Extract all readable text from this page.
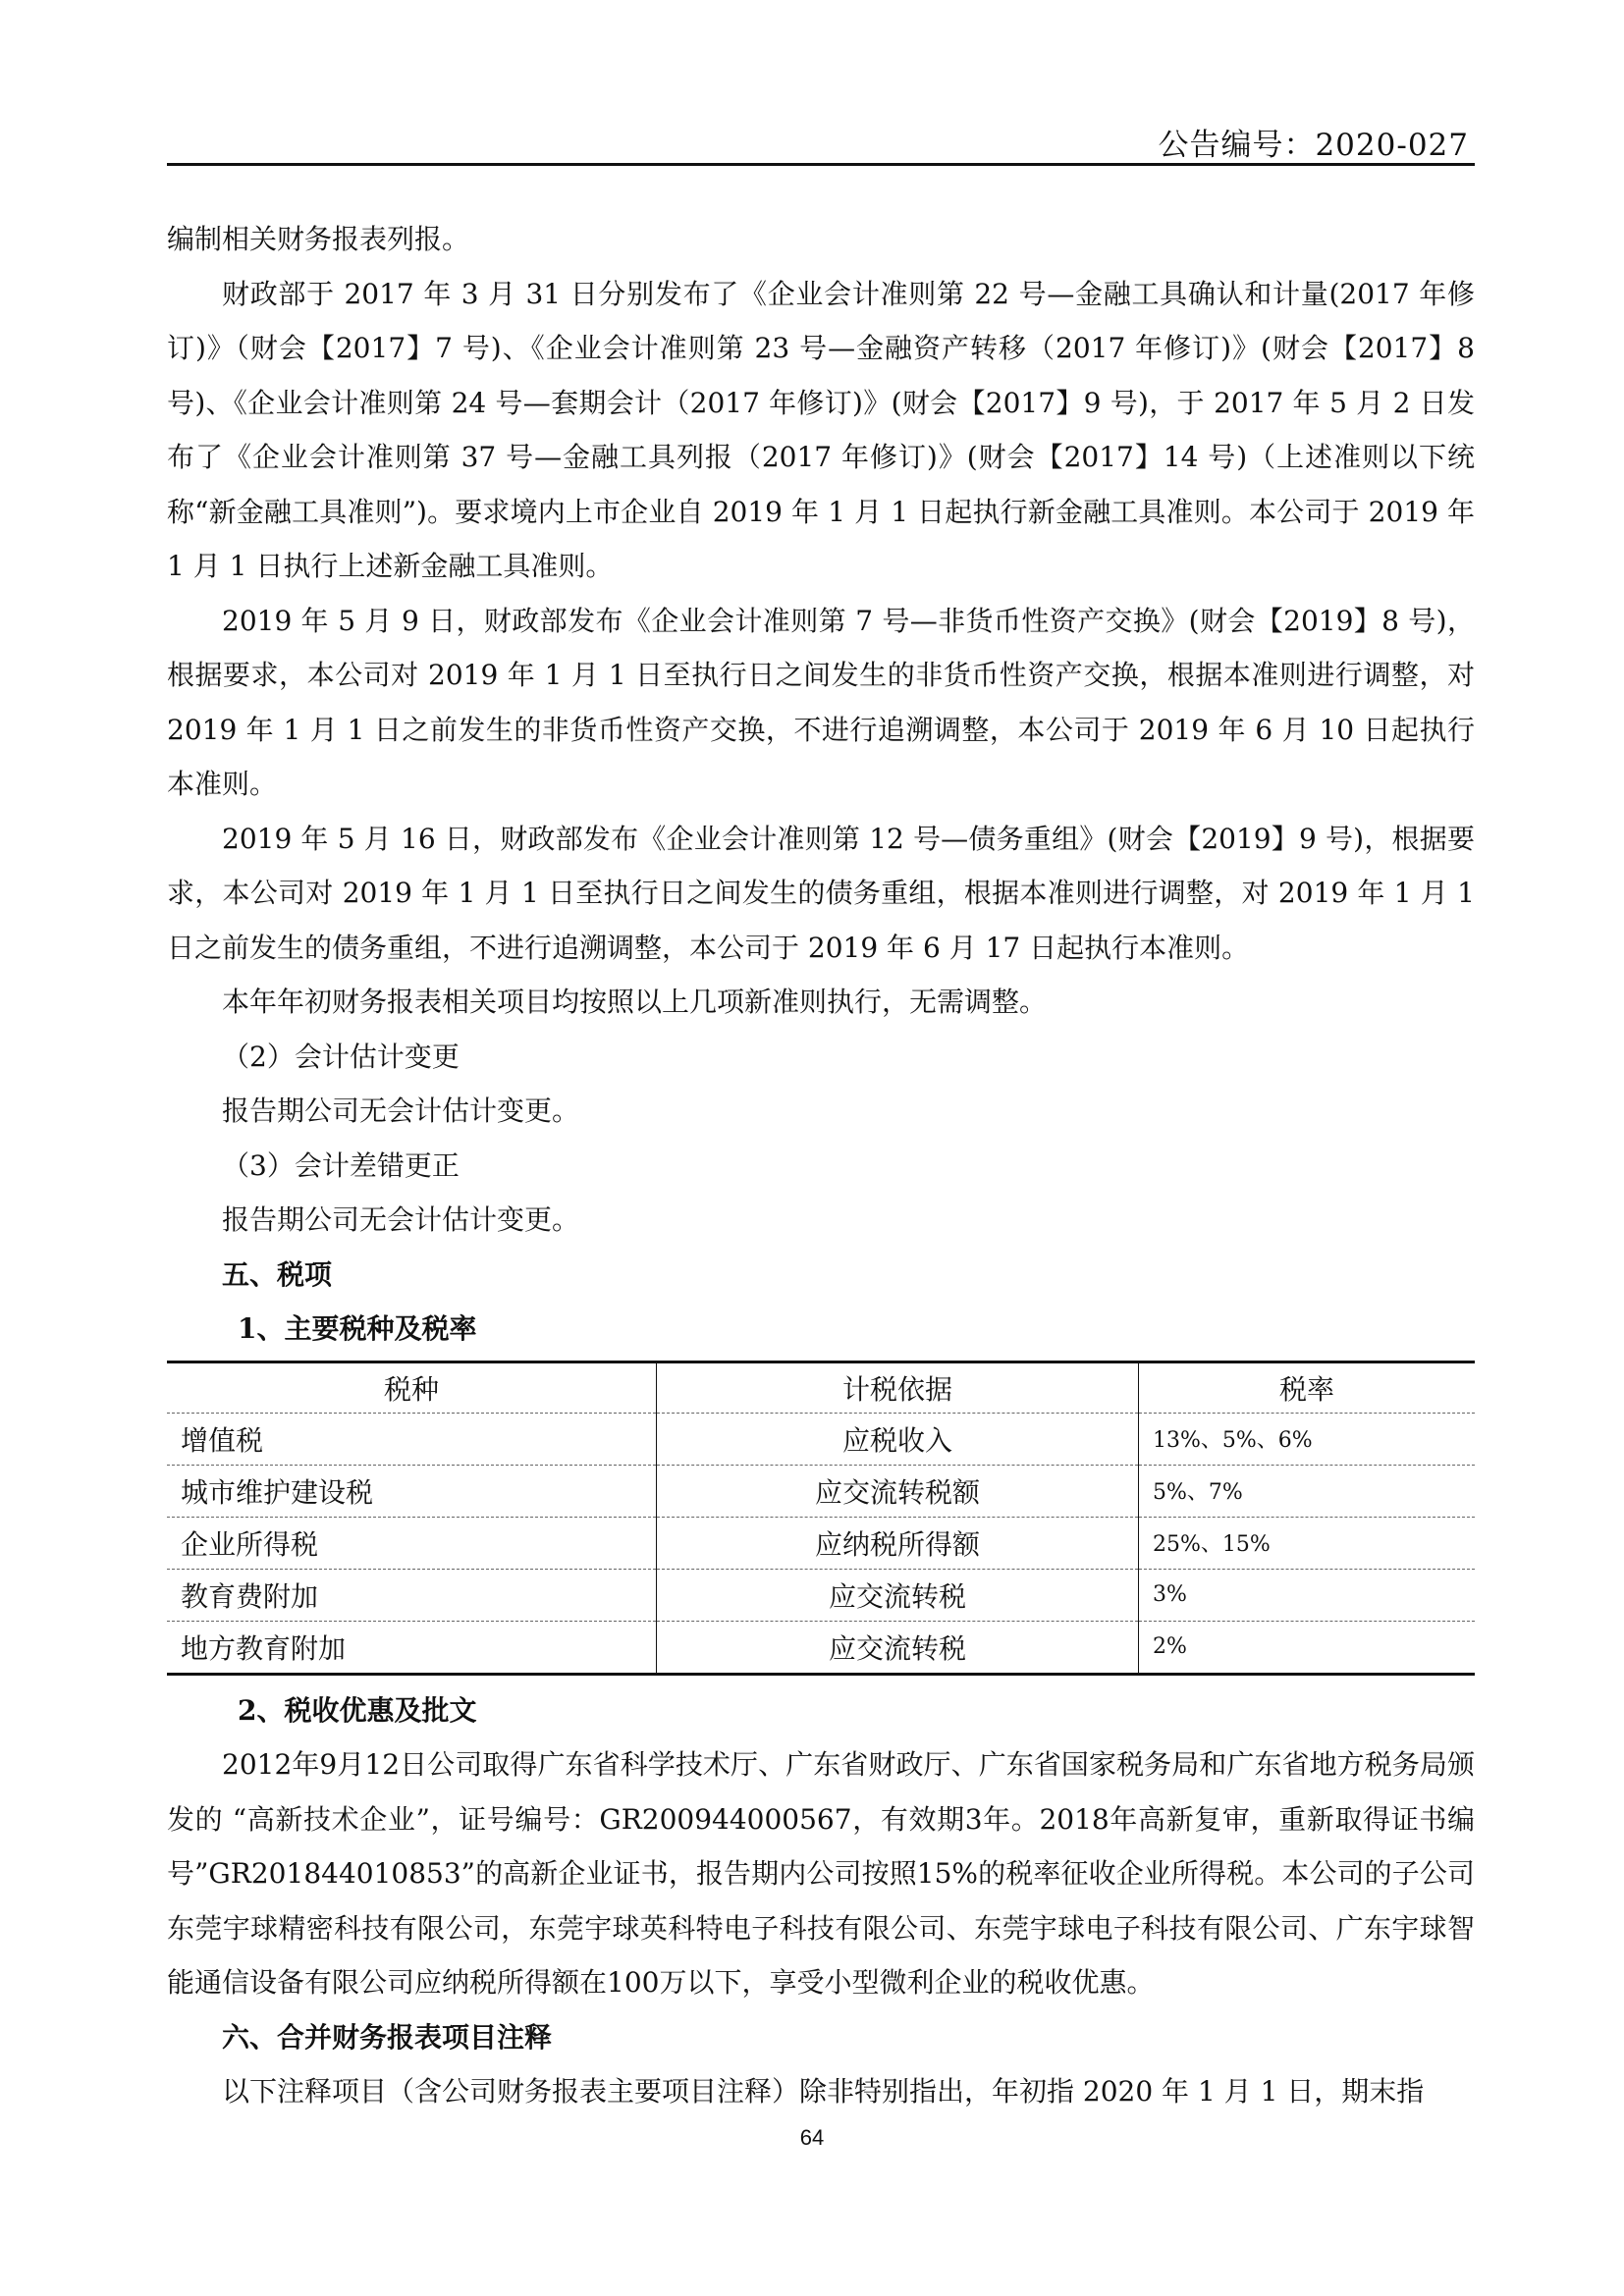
公告编号：2020-027

编制相关财务报表列报。

财政部于 2017 年 3 月 31 日分别发布了《企业会计准则第 22 号—金融工具确认和计量(2017 年修订)》（财会【2017】7 号)、《企业会计准则第 23 号—金融资产转移（2017 年修订)》(财会【2017】8 号)、《企业会计准则第 24 号—套期会计（2017 年修订)》(财会【2017】9 号)，于 2017 年 5 月 2 日发布了《企业会计准则第 37 号—金融工具列报（2017 年修订)》(财会【2017】14 号)（上述准则以下统称“新金融工具准则”)。要求境内上市企业自 2019 年 1 月 1 日起执行新金融工具准则。本公司于 2019 年 1 月 1 日执行上述新金融工具准则。

2019 年 5 月 9 日，财政部发布《企业会计准则第 7 号—非货币性资产交换》(财会【2019】8 号)，根据要求，本公司对 2019 年 1 月 1 日至执行日之间发生的非货币性资产交换，根据本准则进行调整，对 2019 年 1 月 1 日之前发生的非货币性资产交换，不进行追溯调整，本公司于 2019 年 6 月 10 日起执行本准则。

2019 年 5 月 16 日，财政部发布《企业会计准则第 12 号—债务重组》(财会【2019】9 号)，根据要求，本公司对 2019 年 1 月 1 日至执行日之间发生的债务重组，根据本准则进行调整，对 2019 年 1 月 1 日之前发生的债务重组，不进行追溯调整，本公司于 2019 年 6 月 17 日起执行本准则。

本年年初财务报表相关项目均按照以上几项新准则执行，无需调整。

（2）会计估计变更

报告期公司无会计估计变更。

（3）会计差错更正

报告期公司无会计估计变更。

五、税项

1、主要税种及税率

税种	计税依据	税率
增值税	应税收入	13%、5%、6%
城市维护建设税	应交流转税额	5%、7%
企业所得税	应纳税所得额	25%、15%
教育费附加	应交流转税	3%
地方教育附加	应交流转税	2%

2、税收优惠及批文

2012年9月12日公司取得广东省科学技术厅、广东省财政厅、广东省国家税务局和广东省地方税务局颁发的 “高新技术企业”，证号编号：GR200944000567，有效期3年。2018年高新复审，重新取得证书编号”GR201844010853”的高新企业证书，报告期内公司按照15%的税率征收企业所得税。本公司的子公司东莞宇球精密科技有限公司，东莞宇球英科特电子科技有限公司、东莞宇球电子科技有限公司、广东宇球智能通信设备有限公司应纳税所得额在100万以下，享受小型微利企业的税收优惠。

六、合并财务报表项目注释

以下注释项目（含公司财务报表主要项目注释）除非特别指出，年初指 2020 年 1 月 1 日，期末指

64
